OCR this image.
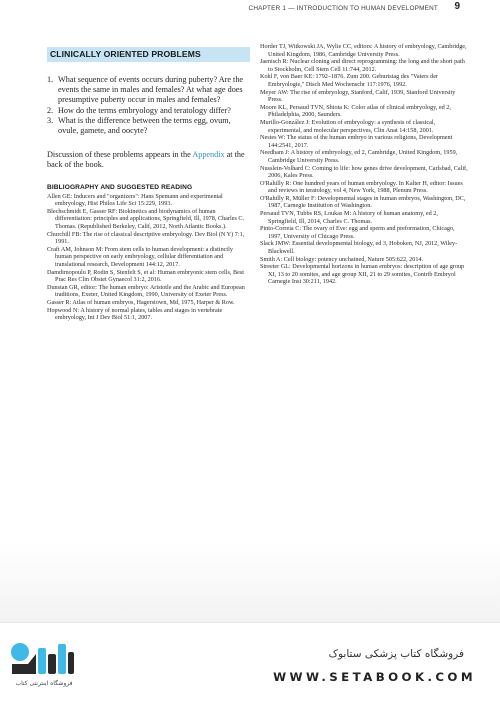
CHAPTER 1 — INTRODUCTION TO HUMAN DEVELOPMENT 9
CLINICALLY ORIENTED PROBLEMS
What sequence of events occurs during puberty? Are the events the same in males and females? At what age does presumptive puberty occur in males and females?
How do the terms embryology and teratology differ?
What is the difference between the terms egg, ovum, ovule, gamete, and oocyte?

Discussion of these problems appears in the Appendix at the back of the book.

BIBLIOGRAPHY AND SUGGESTED READING

Allen GE: Inducers and "organizers": Hans Spemann and experimental embryology, Hist Philos Life Sci 15:229, 1993.

Blechschmidt E, Gasser RF: Biokinetics and biodynamics of human differentiation: principles and applications, Springfield, Ill, 1978, Charles C. Thomas. (Republished Berkeley, Calif, 2012, North Atlantic Books.).

Churchill FB: The rise of classical descriptive embryology. Dev Biol (N Y) 7:1, 1991.

Craft AM, Johnson M: From stem cells to human development: a distinctly human perspective on early embryology, cellular differentiation and translational research, Development 144:12, 2017.

Damdimopoulu P, Rodin S, Stenfelt S, et al: Human embryonic stem cells, Best Prac Res Clin Obstet Gynaecol 31:2, 2016.

Dunstan GR, editor: The human embryo: Aristotle and the Arabic and European traditions, Exeter, United Kingdom, 1990, University of Exeter Press.

Gasser R: Atlas of human embryos, Hagerstown, Md, 1975, Harper & Row.

Hopwood N: A history of normal plates, tables and stages in vertebrate embryology, Int J Dev Biol 51:1, 2007.

Horder TJ, Witkowski JA, Wylie CC, editors: A history of embryology, Cambridge, United Kingdom, 1986, Cambridge University Press.

Jaenisch R: Nuclear cloning and direct reprogramming: the long and the short path to Stockholm, Cell Stem Cell 11:744, 2012.

Kohl F, von Baer KE: 1792–1876. Zum 200. Geburtstag des "Vaters der Embryologie," Dtsch Med Wochenschr 117:1976, 1992.

Meyer AW: The rise of embryology, Stanford, Calif, 1939, Stanford University Press.

Moore KL, Persaud TVN, Shiota K: Color atlas of clinical embryology, ed 2, Philadelphia, 2000, Saunders.

Murillo-González J: Evolution of embryology: a synthesis of classical, experimental, and molecular perspectives, Clin Anat 14:158, 2001.

Nestes W: The status of the human embryo in various religions, Development 144:2541, 2017.

Needham J: A history of embryology, ed 2, Cambridge, United Kingdom, 1959, Cambridge University Press.

Nusslein-Volhard C: Coming to life: how genes drive development, Carlsbad, Calif, 2006, Kales Press.

O'Rahilly R: One hundred years of human embryology. In Kalter H, editor: Issues and reviews in teratology, vol 4, New York, 1988, Plenum Press.

O'Rahilly R, Müller F: Developmental stages in human embryos, Washington, DC, 1987, Carnegie Institution of Washington.

Persaud TVN, Tubbs RS, Loukas M: A history of human anatomy, ed 2, Springfield, Ill, 2014, Charles C. Thomas.

Pinto-Correia C: The ovary of Eve: egg and sperm and preformation, Chicago, 1997, University of Chicago Press.

Slack JMW: Essential developmental biology, ed 3, Hoboken, NJ, 2012, Wiley-Blackwell.

Smith A: Cell biology: potency unchained, Nature 505:622, 2014.

Streeter GL: Developmental horizons in human embryos: description of age group XI, 13 to 20 somites, and age group XII, 21 to 29 somites, Contrib Embryol Carnegie Inst 30:211, 1942.

فروشگاه اینترنتی کتاب
فروشگاه کتاب پزشکی ستابوک
WWW.SETABOOK.COM
